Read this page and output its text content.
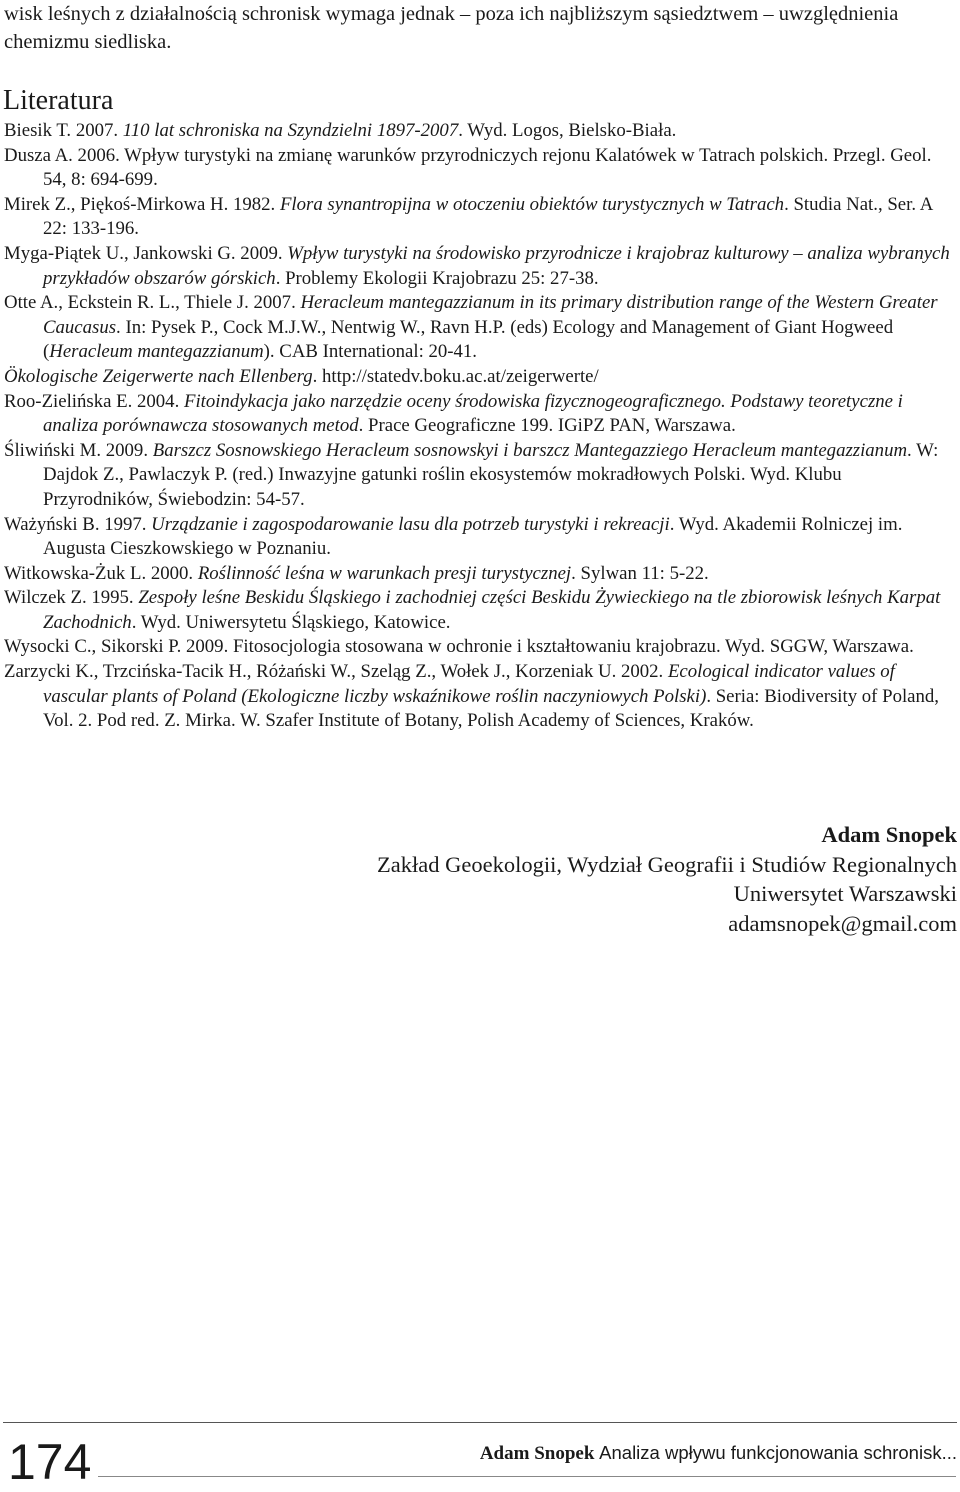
wisk leśnych z działalnością schronisk wymaga jednak – poza ich najbliższym sąsiedztwem – uwzględnienia chemizmu siedliska.

Literatura
Biesik T. 2007. 110 lat schroniska na Szyndzielni 1897-2007. Wyd. Logos, Bielsko-Biała.
Dusza A. 2006. Wpływ turystyki na zmianę warunków przyrodniczych rejonu Kalatówek w Tatrach polskich. Przegl. Geol. 54, 8: 694-699.
Mirek Z., Piękoś-Mirkowa H. 1982. Flora synantropijna w otoczeniu obiektów turystycznych w Tatrach. Studia Nat., Ser. A 22: 133-196.
Myga-Piątek U., Jankowski G. 2009. Wpływ turystyki na środowisko przyrodnicze i krajobraz kulturowy – analiza wybranych przykładów obszarów górskich. Problemy Ekologii Krajobrazu 25: 27-38.
Otte A., Eckstein R. L., Thiele J. 2007. Heracleum mantegazzianum in its primary distribution range of the Western Greater Caucasus. In: Pysek P., Cock M.J.W., Nentwig W., Ravn H.P. (eds) Ecology and Management of Giant Hogweed (Heracleum mantegazzianum). CAB International: 20-41.
Ökologische Zeigerwerte nach Ellenberg. http://statedv.boku.ac.at/zeigerwerte/
Roo-Zielińska E. 2004. Fitoindykacja jako narzędzie oceny środowiska fizycznogeograficznego. Podstawy teoretyczne i analiza porównawcza stosowanych metod. Prace Geograficzne 199. IGiPZ PAN, Warszawa.
Śliwiński M. 2009. Barszcz Sosnowskiego Heracleum sosnowskyi i barszcz Mantegazziego Heracleum mantegazzianum. W: Dajdok Z., Pawlaczyk P. (red.) Inwazyjne gatunki roślin ekosystemów mokradłowych Polski. Wyd. Klubu Przyrodników, Świebodzin: 54-57.
Ważyński B. 1997. Urządzanie i zagospodarowanie lasu dla potrzeb turystyki i rekreacji. Wyd. Akademii Rolniczej im. Augusta Cieszkowskiego w Poznaniu.
Witkowska-Żuk L. 2000. Roślinność leśna w warunkach presji turystycznej. Sylwan 11: 5-22.
Wilczek Z. 1995. Zespoły leśne Beskidu Śląskiego i zachodniej części Beskidu Żywieckiego na tle zbiorowisk leśnych Karpat Zachodnich. Wyd. Uniwersytetu Śląskiego, Katowice.
Wysocki C., Sikorski P. 2009. Fitosocjologia stosowana w ochronie i kształtowaniu krajobrazu. Wyd. SGGW, Warszawa.
Zarzycki K., Trzcińska-Tacik H., Różański W., Szeląg Z., Wołek J., Korzeniak U. 2002. Ecological indicator values of vascular plants of Poland (Ekologiczne liczby wskaźnikowe roślin naczyniowych Polski). Seria: Biodiversity of Poland, Vol. 2. Pod red. Z. Mirka. W. Szafer Institute of Botany, Polish Academy of Sciences, Kraków.

Adam Snopek

Zakład Geoekologii, Wydział Geografii i Studiów Regionalnych

Uniwersytet Warszawski

adamsnopek@gmail.com

174	Adam Snopek Analiza wpływu funkcjonowania schronisk...
